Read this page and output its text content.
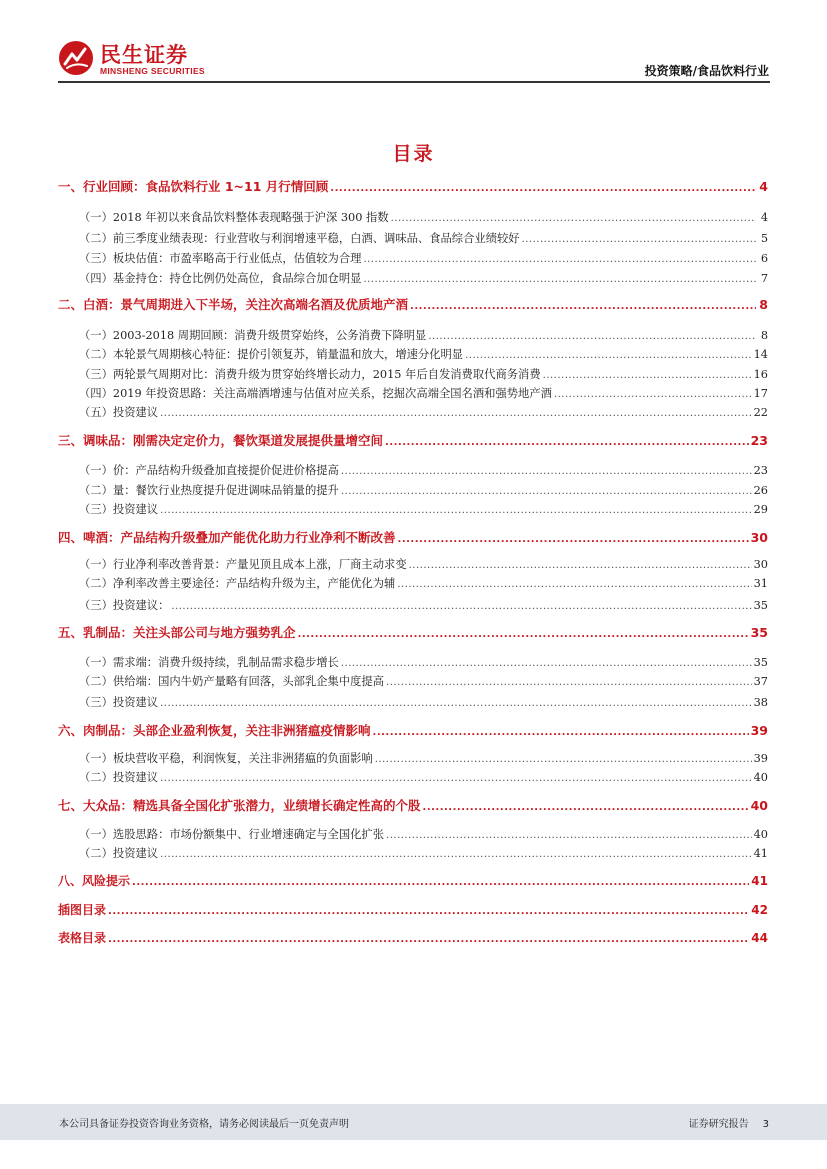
民生证券
MINSHENG SECURITIES	投资策略/食品饮料行业
目录
一、行业回顾：食品饮料行业 1~11 月行情回顾 .....	4
（一）2018 年初以来食品饮料整体表现略强于沪深 300 指数 .....	4
（二）前三季度业绩表现：行业营收与利润增速平稳，白酒、调味品、食品综合业绩较好 .....	5
（三）板块估值：市盈率略高于行业低点，估值较为合理 .....	6
（四）基金持仓：持仓比例仍处高位，食品综合加仓明显 .....	7
二、白酒：景气周期进入下半场，关注次高端名酒及优质地产酒 .....	8
（一）2003-2018 周期回顾：消费升级贯穿始终，公务消费下降明显 .....	8
（二）本轮景气周期核心特征：提价引领复苏，销量温和放大，增速分化明显 .....	14
（三）两轮景气周期对比：消费升级为贯穿始终增长动力，2015 年后自发消费取代商务消费 .....	16
（四）2019 年投资思路：关注高端酒增速与估值对应关系，挖掘次高端全国名酒和强势地产酒 .....	17
（五）投资建议 .....	22
三、调味品：刚需决定定价力，餐饮渠道发展提供量增空间 .....	23
（一）价：产品结构升级叠加直接提价促进价格提高 .....	23
（二）量：餐饮行业热度提升促进调味品销量的提升 .....	26
（三）投资建议 .....	29
四、啤酒：产品结构升级叠加产能优化助力行业净利不断改善 .....	30
（一）行业净利率改善背景：产量见顶且成本上涨，厂商主动求变 .....	30
（二）净利率改善主要途径：产品结构升级为主，产能优化为辅 .....	31
（三）投资建议： .....	35
五、乳制品：关注头部公司与地方强势乳企 .....	35
（一）需求端：消费升级持续，乳制品需求稳步增长 .....	35
（二）供给端：国内牛奶产量略有回落，头部乳企集中度提高 .....	37
（三）投资建议 .....	38
六、肉制品：头部企业盈利恢复，关注非洲猪瘟疫情影响 .....	39
（一）板块营收平稳，利润恢复，关注非洲猪瘟的负面影响 .....	39
（二）投资建议 .....	40
七、大众品：精选具备全国化扩张潜力，业绩增长确定性高的个股 .....	40
（一）选股思路：市场份额集中、行业增速确定与全国化扩张 .....	40
（二）投资建议 .....	41
八、风险提示 .....	41
插图目录 .....	42
表格目录 .....	44
本公司具备证券投资咨询业务资格，请务必阅读最后一页免责声明	证券研究报告 3
